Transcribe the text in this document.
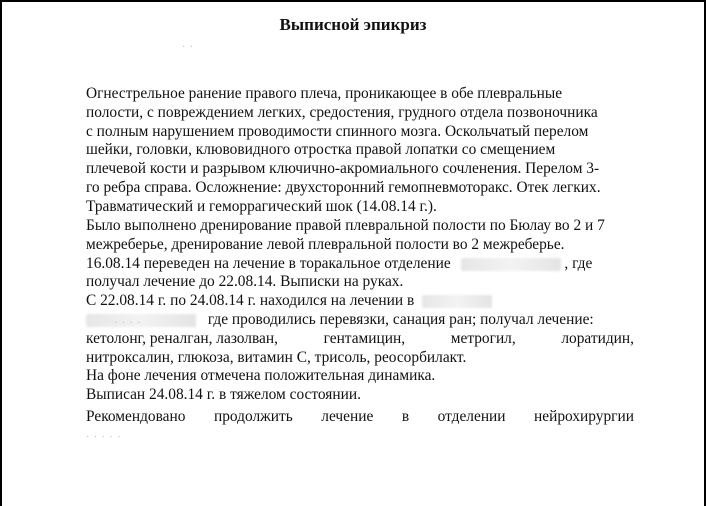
Выписной эпикриз
Огнестрельное ранение правого плеча, проникающее в обе плевральные
полости, с повреждением легких, средостения, грудного отдела позвоночника
с полным нарушением проводимости спинного мозга. Оскольчатый перелом
шейки, головки, клювовидного отростка правой лопатки со смещением
плечевой кости и разрывом ключично-акромиального сочленения. Перелом 3-
го ребра справа. Осложнение: двухсторонний гемопневмоторакс. Отек легких.
Травматический и геморрагический шок (14.08.14 г.).
Было выполнено дренирование правой плевральной полости по Бюлау во 2 и 7
межреберье, дренирование левой плевральной полости во 2 межреберье.
16.08.14 переведен на лечение в торакальное отделение	, где
получал лечение до 22.08.14. Выписки на руках.
С 22.08.14 г. по 24.08.14 г. находился на лечении в
где проводились перевязки, санация ран; получал лечение:
кетолонг, реналган, лазолван,	гентамицин,	метрогил,	лоратидин,
нитроксалин, глюкоза, витамин С, трисоль, реосорбилакт.
На фоне лечения отмечена положительная динамика.
Выписан 24.08.14 г. в тяжелом состоянии.
Рекомендовано продолжить лечение в отделении нейрохирургии
· · · ·
· ·
· · · · ·
